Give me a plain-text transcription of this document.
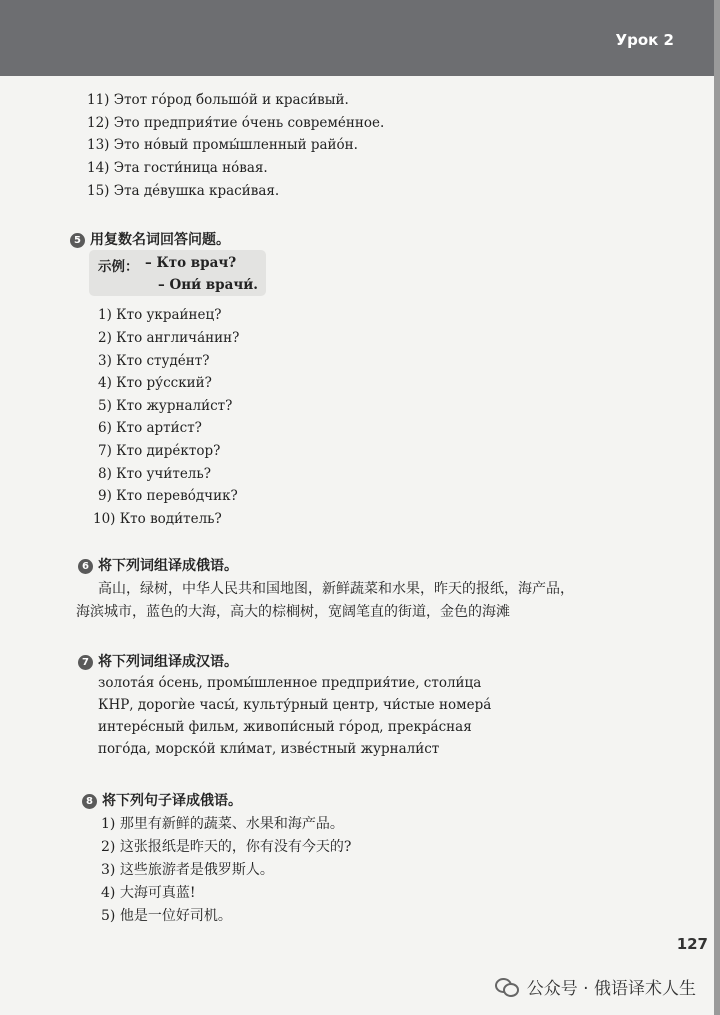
Урок 2
11) Этот гóрод большóй и краси́вый.
12) Это предприя́тие óчень совреме́нное.
13) Это нóвый промы́шленный райóн.
14) Эта гости́ница нóвая.
15) Эта дéвушка краси́вая.
5 用复数名词回答问题。
示例： – Кто врач?
– Они́ врачи́.
1) Кто украи́нец?
2) Кто англича́нин?
3) Кто студéнт?
4) Кто ру́сский?
5) Кто журнали́ст?
6) Кто арти́ст?
7) Кто дирéктор?
8) Кто учи́тель?
9) Кто перевóдчик?
10) Кто води́тель?
6 将下列词组译成俄语。
高山，绿树，中华人民共和国地图，新鲜蔬菜和水果，昨天的报纸，海产品，
海滨城市，蓝色的大海，高大的棕榈树，宽阔笔直的街道，金色的海滩
7 将下列词组译成汉语。
золотáя óсень, промы́шленное предприя́тие, столи́ца
КНР, дорогѝе часы́, культу́рный центр, чи́стые номерá
интерéсный фильм, живопи́сный гóрод, прекрáсная
погóда, морскóй кли́мат, извéстный журнали́ст
8 将下列句子译成俄语。
1) 那里有新鲜的蔬菜、水果和海产品。
2) 这张报纸是昨天的，你有没有今天的?
3) 这些旅游者是俄罗斯人。
4) 大海可真蓝!
5) 他是一位好司机。
127
公众号 · 俄语译术人生
